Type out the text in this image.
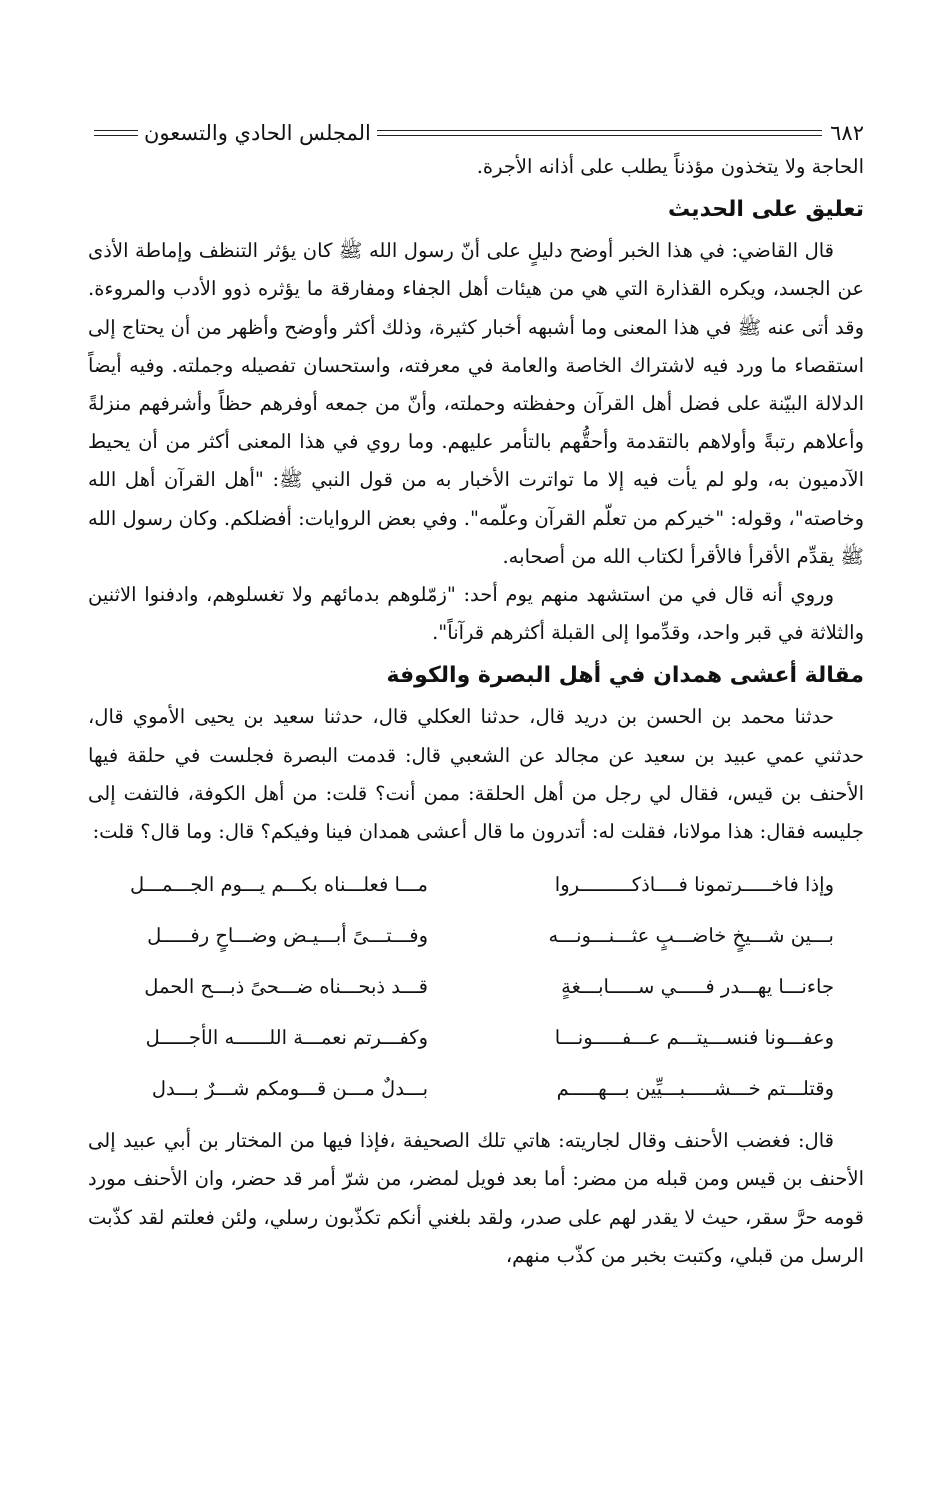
٦٨٢
المجلس الحادي والتسعون

الحاجة ولا يتخذون مؤذناً يطلب على أذانه الأجرة.

تعليق على الحديث

قال القاضي: في هذا الخبر أوضح دليلٍ على أنّ رسول الله ﷺ كان يؤثر التنظف وإماطة الأذى عن الجسد، ويكره القذارة التي هي من هيئات أهل الجفاء ومفارقة ما يؤثره ذوو الأدب والمروءة. وقد أتى عنه ﷺ في هذا المعنى وما أشبهه أخبار كثيرة، وذلك أكثر وأوضح وأظهر من أن يحتاج إلى استقصاء ما ورد فيه لاشتراك الخاصة والعامة في معرفته، واستحسان تفصيله وجملته. وفيه أيضاً الدلالة البيّنة على فضل أهل القرآن وحفظته وحملته، وأنّ من جمعه أوفرهم حظاً وأشرفهم منزلةً وأعلاهم رتبةً وأولاهم بالتقدمة وأحقُّهم بالتأمر عليهم. وما روي في هذا المعنى أكثر من أن يحيط الآدميون به، ولو لم يأت فيه إلا ما تواترت الأخبار به من قول النبي ﷺ: "أهل القرآن أهل الله وخاصته"، وقوله: "خيركم من تعلّم القرآن وعلّمه". وفي بعض الروايات: أفضلكم. وكان رسول الله ﷺ يقدِّم الأقرأ فالأقرأ لكتاب الله من أصحابه.

وروي أنه قال في من استشهد منهم يوم أحد: "زمّلوهم بدمائهم ولا تغسلوهم، وادفنوا الاثنين والثلاثة في قبر واحد، وقدِّموا إلى القبلة أكثرهم قرآناً".

مقالة أعشى همدان في أهل البصرة والكوفة

حدثنا محمد بن الحسن بن دريد قال، حدثنا العكلي قال، حدثنا سعيد بن يحيى الأموي قال، حدثني عمي عبيد بن سعيد عن مجالد عن الشعبي قال: قدمت البصرة فجلست في حلقة فيها الأحنف بن قيس، فقال لي رجل من أهل الحلقة: ممن أنت؟ قلت: من أهل الكوفة، فالتفت إلى جليسه فقال: هذا مولانا، فقلت له: أتدرون ما قال أعشى همدان فينا وفيكم؟ قال: وما قال؟ قلت:

وإذا فاخـــــرتمونا فــــاذكـــــــــروا
مـــا فعلـــناه بكـــم يـــوم الجـــمـــل
بـــين شـــيخٍ خاضـــبٍ عثـــنـــونـــه
وفـــتـــىً أبـــيـض وضـــاحٍ رفـــــل
جاءنـــا يهـــدر فـــــي ســـــابـــغةٍ
قـــد ذبحـــناه ضـــحىً ذبـــح الحمل
وعفـــونا فنســـيتـــم عـــفـــــونـــا
وكفـــرتم نعمـــة اللــــــه الأجـــــل
وقتلـــتم خـــشـــــبـــيِّين بـــهـــــم
بـــدلٌ مـــن قـــومكم شـــرٌ بـــدل

قال: فغضب الأحنف وقال لجاريته: هاتي تلك الصحيفة ،فإذا فيها من المختار بن أبي عبيد إلى الأحنف بن قيس ومن قبله من مضر: أما بعد فويل لمضر، من شرّ أمر قد حضر، وان الأحنف مورد قومه حرَّ سقر، حيث لا يقدر لهم على صدر، ولقد بلغني أنكم تكذّبون رسلي، ولئن فعلتم لقد كذّبت الرسل من قبلي، وكتبت بخبر من كذّب منهم،
